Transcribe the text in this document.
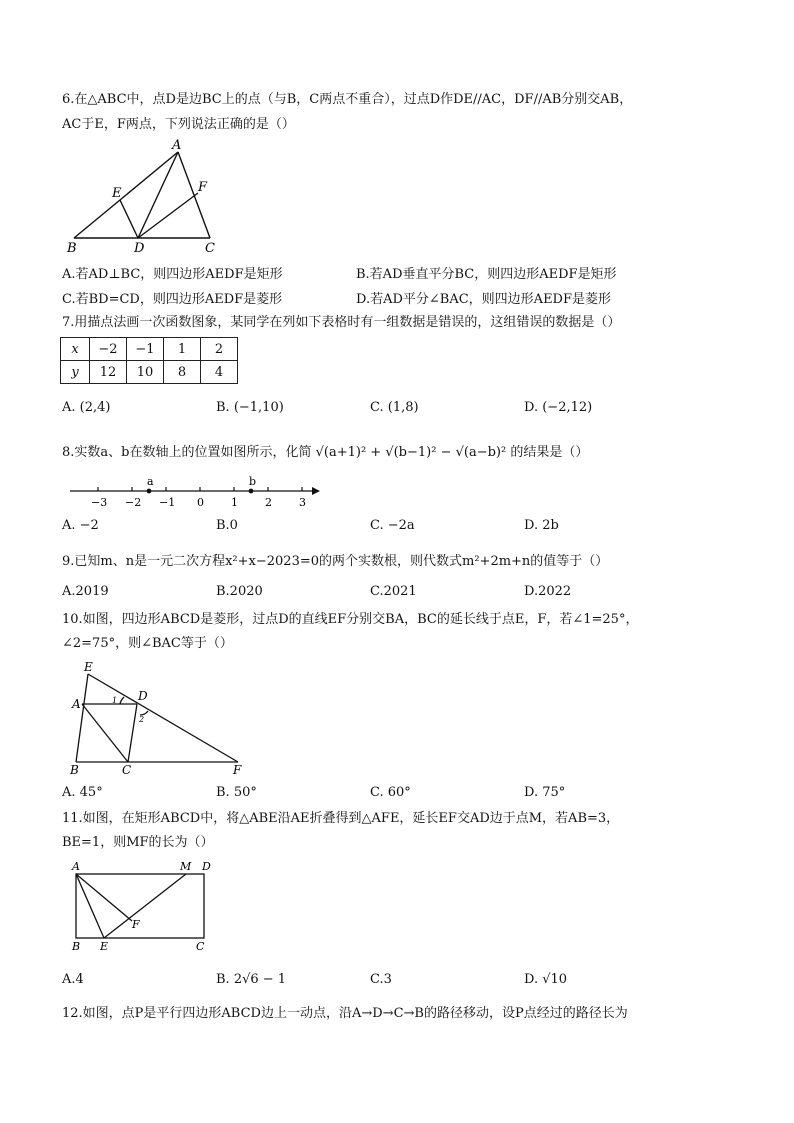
6.在△ABC中，点D是边BC上的点（与B，C两点不重合），过点D作DE//AC，DF//AB分别交AB，
AC于E，F两点，下列说法正确的是（）
A
E	F
B	D	C
A.若AD⊥BC，则四边形AEDF是矩形	B.若AD垂直平分BC，则四边形AEDF是矩形
C.若BD=CD，则四边形AEDF是菱形	D.若AD平分∠BAC，则四边形AEDF是菱形
7.用描点法画一次函数图象，某同学在列如下表格时有一组数据是错误的，这组错误的数据是（）
x	−2	−1	1	2
y	12	10	8	4
A. (2,4)	B. (−1,10)	C. (1,8)	D. (−2,12)
8.实数a、b在数轴上的位置如图所示，化简 √(a+1)² + √(b−1)² − √(a−b)² 的结果是（）
−3 −2 −1 0 1 2 3
a	b
A. −2	B.0	C. −2a	D. 2b
9.已知m、n是一元二次方程x²+x−2023=0的两个实数根，则代数式m²+2m+n的值等于（）
A.2019	B.2020	C.2021	D.2022
10.如图，四边形ABCD是菱形，过点D的直线EF分别交BA，BC的延长线于点E，F，若∠1=25°，
∠2=75°，则∠BAC等于（）
E
A	1 D
2
B	C	F
A. 45°	B. 50°	C. 60°	D. 75°
11.如图，在矩形ABCD中，将△ABE沿AE折叠得到△AFE，延长EF交AD边于点M，若AB=3，
BE=1，则MF的长为（）
A	M D
F
B E	C
A.4	B. 2√6 − 1	C.3	D. √10
12.如图，点P是平行四边形ABCD边上一动点，沿A→D→C→B的路径移动，设P点经过的路径长为
